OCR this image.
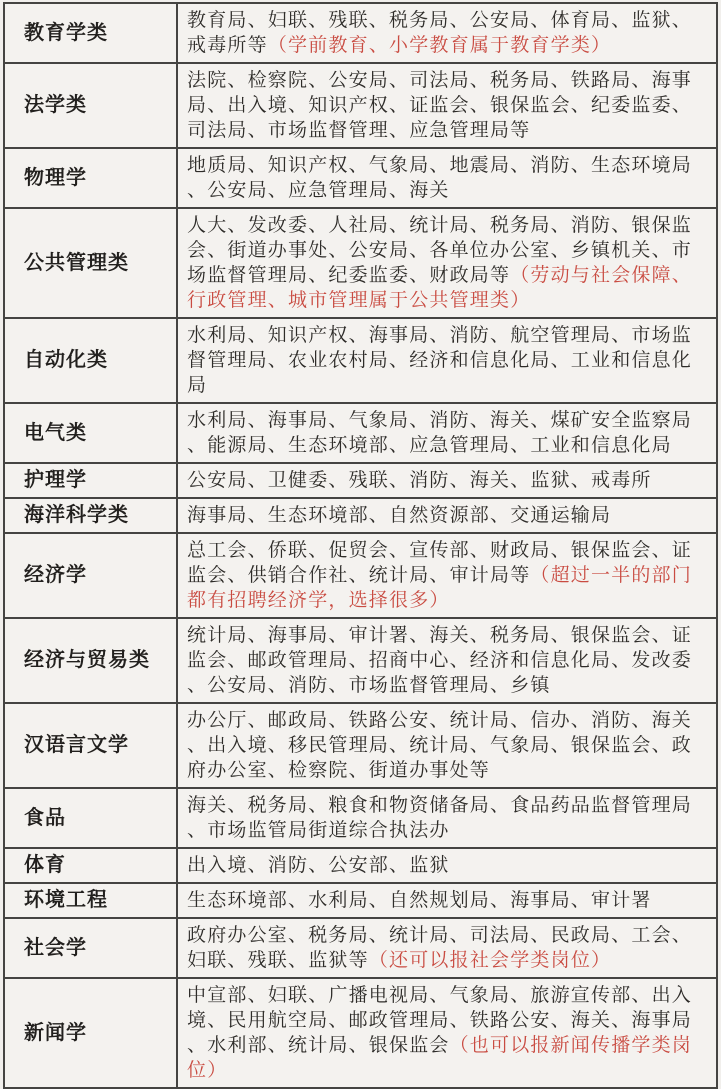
教育学类	教育局、妇联、残联、税务局、公安局、体育局、监狱、戒毒所等（学前教育、小学教育属于教育学类）
法学类	法院、检察院、公安局、司法局、税务局、铁路局、海事局、出入境、知识产权、证监会、银保监会、纪委监委、司法局、市场监督管理、应急管理局等
物理学	地质局、知识产权、气象局、地震局、消防、生态环境局、公安局、应急管理局、海关
公共管理类	人大、发改委、人社局、统计局、税务局、消防、银保监会、街道办事处、公安局、各单位办公室、乡镇机关、市场监督管理局、纪委监委、财政局等（劳动与社会保障、行政管理、城市管理属于公共管理类）
自动化类	水利局、知识产权、海事局、消防、航空管理局、市场监督管理局、农业农村局、经济和信息化局、工业和信息化局
电气类	水利局、海事局、气象局、消防、海关、煤矿安全监察局、能源局、生态环境部、应急管理局、工业和信息化局
护理学	公安局、卫健委、残联、消防、海关、监狱、戒毒所
海洋科学类	海事局、生态环境部、自然资源部、交通运输局
经济学	总工会、侨联、促贸会、宣传部、财政局、银保监会、证监会、供销合作社、统计局、审计局等（超过一半的部门都有招聘经济学，选择很多）
经济与贸易类	统计局、海事局、审计署、海关、税务局、银保监会、证监会、邮政管理局、招商中心、经济和信息化局、发改委、公安局、消防、市场监督管理局、乡镇
汉语言文学	办公厅、邮政局、铁路公安、统计局、信办、消防、海关、出入境、移民管理局、统计局、气象局、银保监会、政府办公室、检察院、街道办事处等
食品	海关、税务局、粮食和物资储备局、食品药品监督管理局、市场监管局街道综合执法办
体育	出入境、消防、公安部、监狱
环境工程	生态环境部、水利局、自然规划局、海事局、审计署
社会学	政府办公室、税务局、统计局、司法局、民政局、工会、妇联、残联、监狱等（还可以报社会学类岗位）
新闻学	中宣部、妇联、广播电视局、气象局、旅游宣传部、出入境、民用航空局、邮政管理局、铁路公安、海关、海事局、水利部、统计局、银保监会（也可以报新闻传播学类岗位）
